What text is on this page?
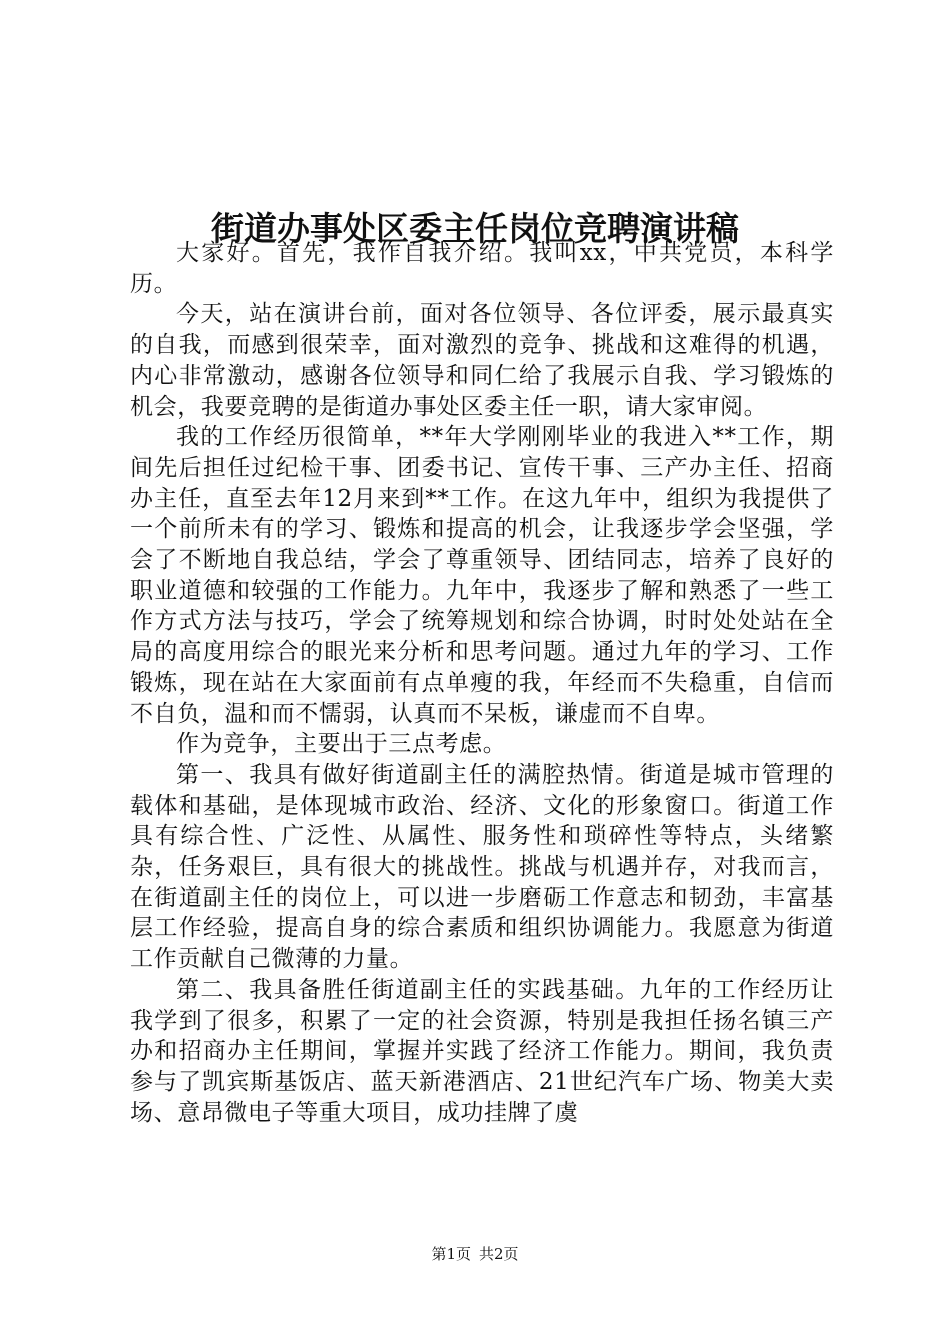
街道办事处区委主任岗位竞聘演讲稿

大家好。首先，我作自我介绍。我叫xx，中共党员，本科学历。

今天，站在演讲台前，面对各位领导、各位评委，展示最真实的自我，而感到很荣幸，面对激烈的竞争、挑战和这难得的机遇，内心非常激动，感谢各位领导和同仁给了我展示自我、学习锻炼的机会，我要竞聘的是街道办事处区委主任一职，请大家审阅。

我的工作经历很简单，**年大学刚刚毕业的我进入**工作，期间先后担任过纪检干事、团委书记、宣传干事、三产办主任、招商办主任，直至去年12月来到**工作。在这九年中，组织为我提供了一个前所未有的学习、锻炼和提高的机会，让我逐步学会坚强，学会了不断地自我总结，学会了尊重领导、团结同志，培养了良好的职业道德和较强的工作能力。九年中，我逐步了解和熟悉了一些工作方式方法与技巧，学会了统筹规划和综合协调，时时处处站在全局的高度用综合的眼光来分析和思考问题。通过九年的学习、工作锻炼，现在站在大家面前有点单瘦的我，年经而不失稳重，自信而不自负，温和而不懦弱，认真而不呆板，谦虚而不自卑。

作为竞争，主要出于三点考虑。

第一、我具有做好街道副主任的满腔热情。街道是城市管理的载体和基础，是体现城市政治、经济、文化的形象窗口。街道工作具有综合性、广泛性、从属性、服务性和琐碎性等特点，头绪繁杂，任务艰巨，具有很大的挑战性。挑战与机遇并存，对我而言，在街道副主任的岗位上，可以进一步磨砺工作意志和韧劲，丰富基层工作经验，提高自身的综合素质和组织协调能力。我愿意为街道工作贡献自己微薄的力量。

第二、我具备胜任街道副主任的实践基础。九年的工作经历让我学到了很多，积累了一定的社会资源，特别是我担任扬名镇三产办和招商办主任期间，掌握并实践了经济工作能力。期间，我负责参与了凯宾斯基饭店、蓝天新港酒店、21世纪汽车广场、物美大卖场、意昂微电子等重大项目，成功挂牌了虞

第1页 共2页
